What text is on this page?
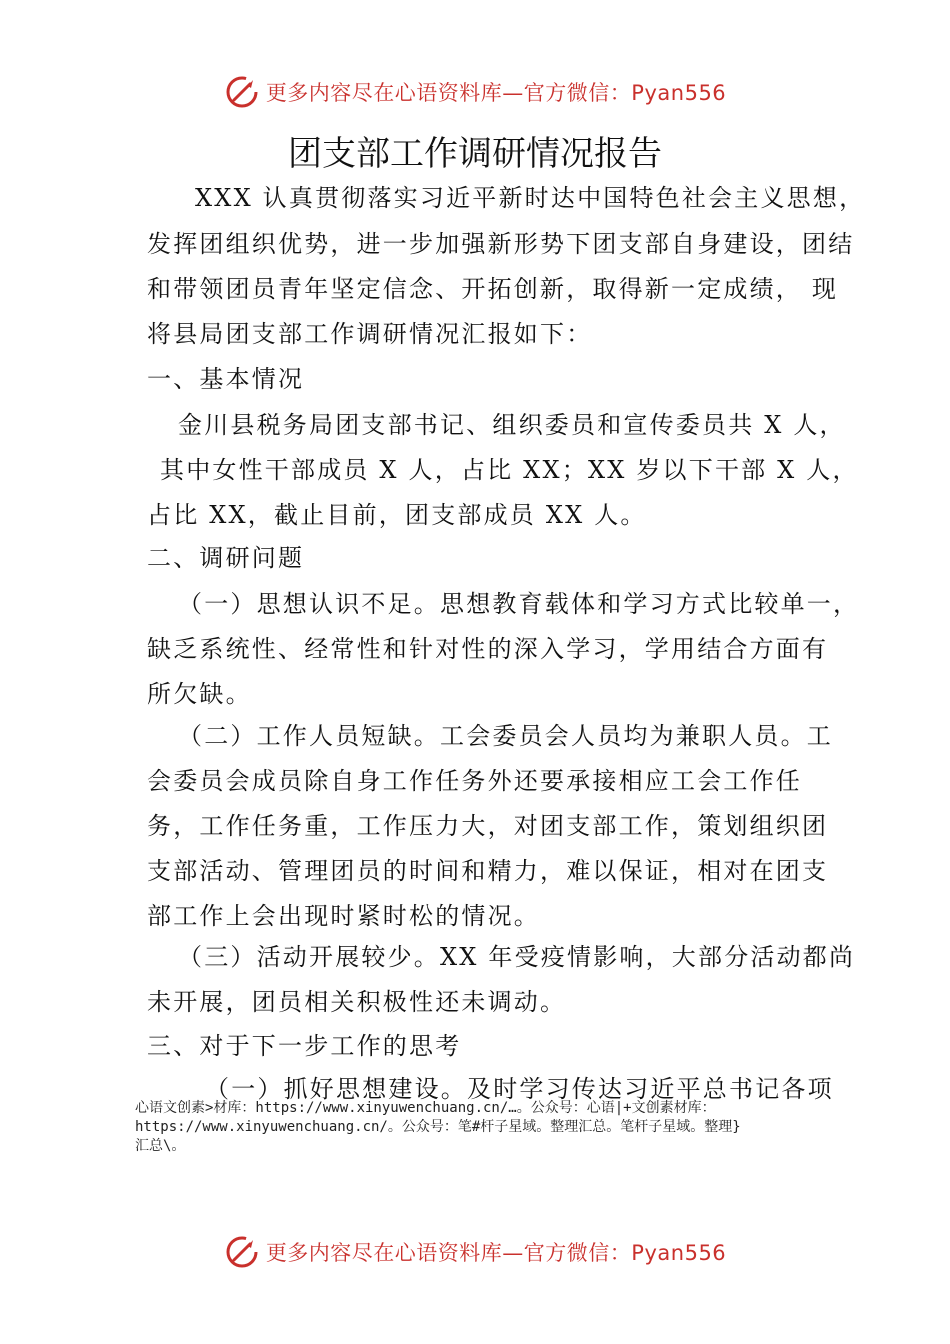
更多内容尽在心语资料库—官方微信：Pyan556
团支部工作调研情况报告
XXX 认真贯彻落实习近平新时达中国特色社会主义思想，
发挥团组织优势，进一步加强新形势下团支部自身建设，团结
和带领团员青年坚定信念、开拓创新，取得新一定成绩， 现
将县局团支部工作调研情况汇报如下：
一、基本情况
金川县税务局团支部书记、组织委员和宣传委员共 X 人，
其中女性干部成员 X 人，占比 XX；XX 岁以下干部 X 人，
占比 XX，截止目前，团支部成员 XX 人。
二、调研问题
（一）思想认识不足。思想教育载体和学习方式比较单一，
缺乏系统性、经常性和针对性的深入学习，学用结合方面有
所欠缺。
（二）工作人员短缺。工会委员会人员均为兼职人员。工
会委员会成员除自身工作任务外还要承接相应工会工作任
务，工作任务重，工作压力大，对团支部工作，策划组织团
支部活动、管理团员的时间和精力，难以保证，相对在团支
部工作上会出现时紧时松的情况。
（三）活动开展较少。XX 年受疫情影响，大部分活动都尚
未开展，团员相关积极性还未调动。
三、对于下一步工作的思考
（一）抓好思想建设。及时学习传达习近平总书记各项
心语文创素>材库：https://www.xinyuwenchuang.cn/…。公众号：心语|+文创素材库：
https://www.xinyuwenchuang.cn/。公众号：笔#杆子星域。整理汇总。笔杆子星域。整理}
汇总\。
更多内容尽在心语资料库—官方微信：Pyan556
